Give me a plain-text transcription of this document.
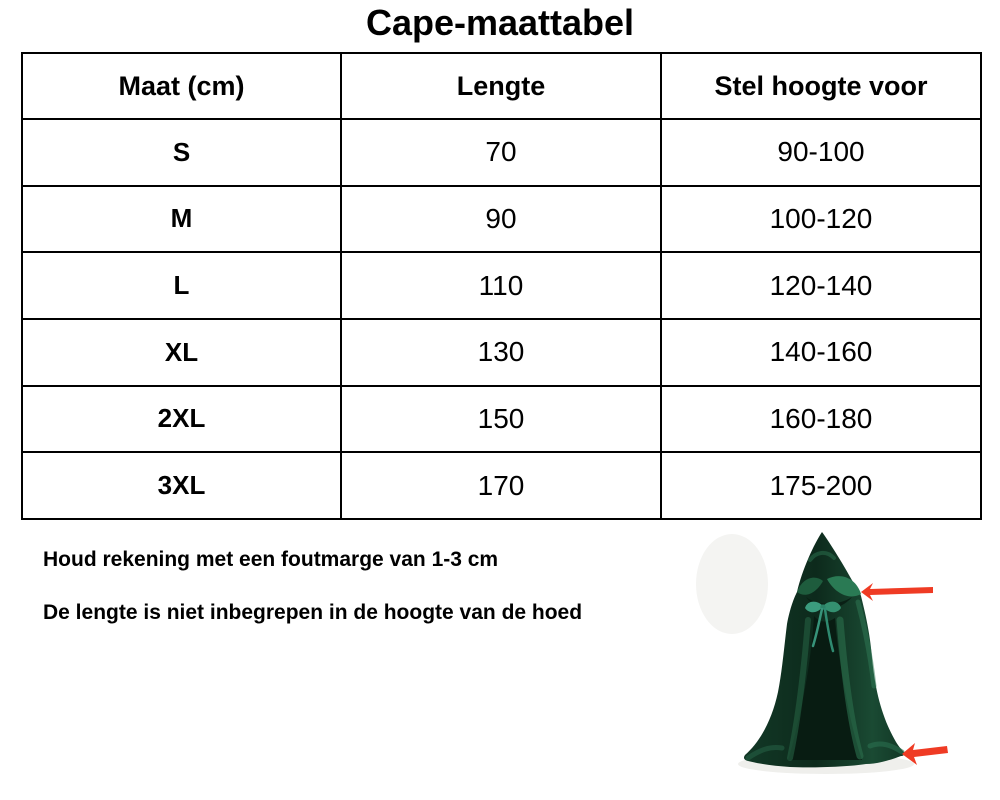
Cape-maattabel
Maat (cm)	Lengte	Stel hoogte voor
S	70	90-100
M	90	100-120
L	110	120-140
XL	130	140-160
2XL	150	160-180
3XL	170	175-200

Houd rekening met een foutmarge van 1-3 cm

De lengte is niet inbegrepen in de hoogte van de hoed
